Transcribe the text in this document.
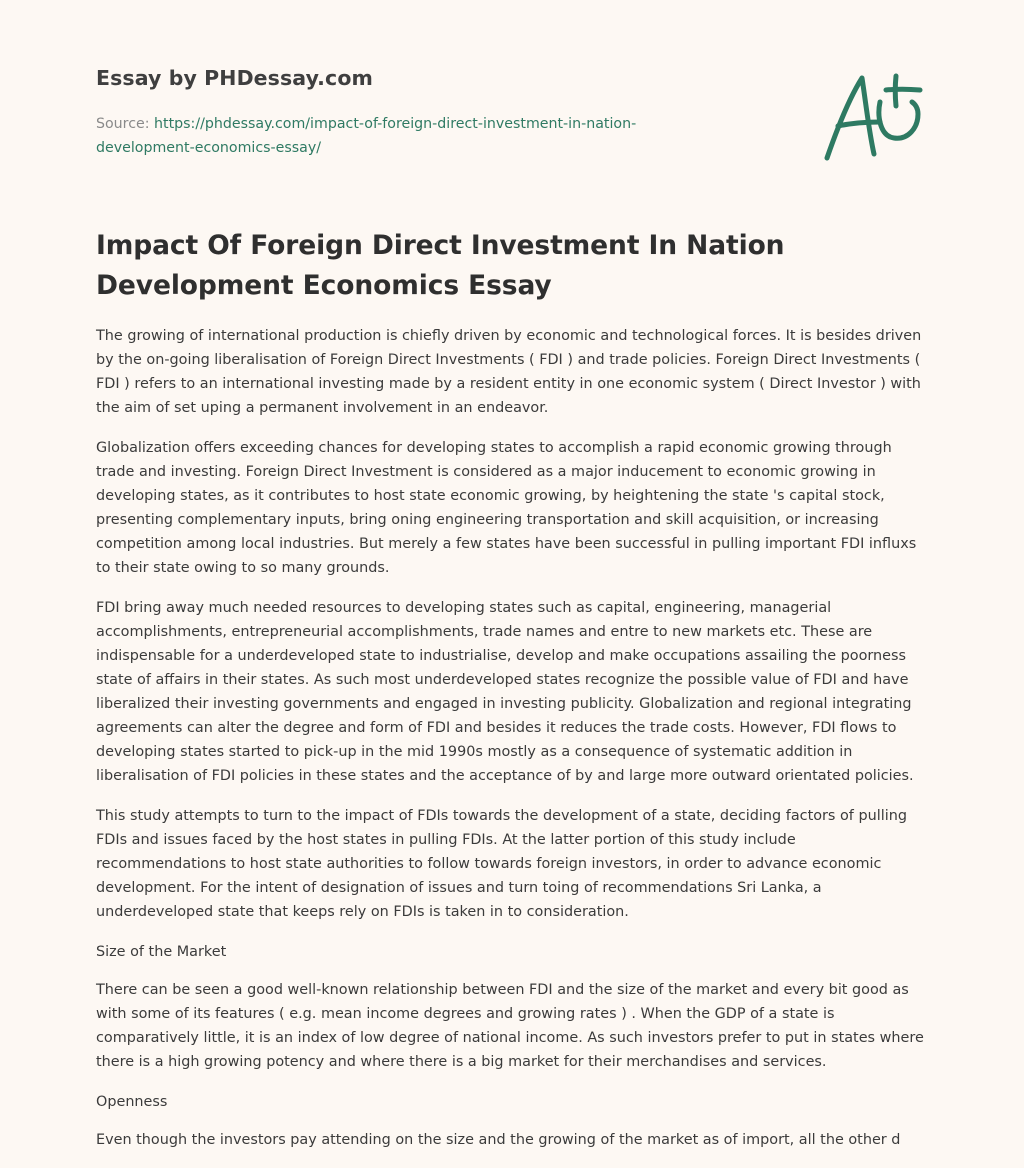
Essay by PHDessay.com
Source: https://phdessay.com/impact-of-foreign-direct-investment-in-nation-development-economics-essay/
Impact Of Foreign Direct Investment In Nation Development Economics Essay

The growing of international production is chiefly driven by economic and technological forces. It is besides driven by the on-going liberalisation of Foreign Direct Investments ( FDI ) and trade policies. Foreign Direct Investments ( FDI ) refers to an international investing made by a resident entity in one economic system ( Direct Investor ) with the aim of set uping a permanent involvement in an endeavor.

Globalization offers exceeding chances for developing states to accomplish a rapid economic growing through trade and investing. Foreign Direct Investment is considered as a major inducement to economic growing in developing states, as it contributes to host state economic growing, by heightening the state 's capital stock, presenting complementary inputs, bring oning engineering transportation and skill acquisition, or increasing competition among local industries. But merely a few states have been successful in pulling important FDI influxs to their state owing to so many grounds.

FDI bring away much needed resources to developing states such as capital, engineering, managerial accomplishments, entrepreneurial accomplishments, trade names and entre to new markets etc. These are indispensable for a underdeveloped state to industrialise, develop and make occupations assailing the poorness state of affairs in their states. As such most underdeveloped states recognize the possible value of FDI and have liberalized their investing governments and engaged in investing publicity. Globalization and regional integrating agreements can alter the degree and form of FDI and besides it reduces the trade costs. However, FDI flows to developing states started to pick-up in the mid 1990s mostly as a consequence of systematic addition in liberalisation of FDI policies in these states and the acceptance of by and large more outward orientated policies.

This study attempts to turn to the impact of FDIs towards the development of a state, deciding factors of pulling FDIs and issues faced by the host states in pulling FDIs. At the latter portion of this study include recommendations to host state authorities to follow towards foreign investors, in order to advance economic development. For the intent of designation of issues and turn toing of recommendations Sri Lanka, a underdeveloped state that keeps rely on FDIs is taken in to consideration.

Size of the Market

There can be seen a good well-known relationship between FDI and the size of the market and every bit good as with some of its features ( e.g. mean income degrees and growing rates ) . When the GDP of a state is comparatively little, it is an index of low degree of national income. As such investors prefer to put in states where there is a high growing potency and where there is a big market for their merchandises and services.

Openness

Even though the investors pay attending on the size and the growing of the market as of import, all the other d
